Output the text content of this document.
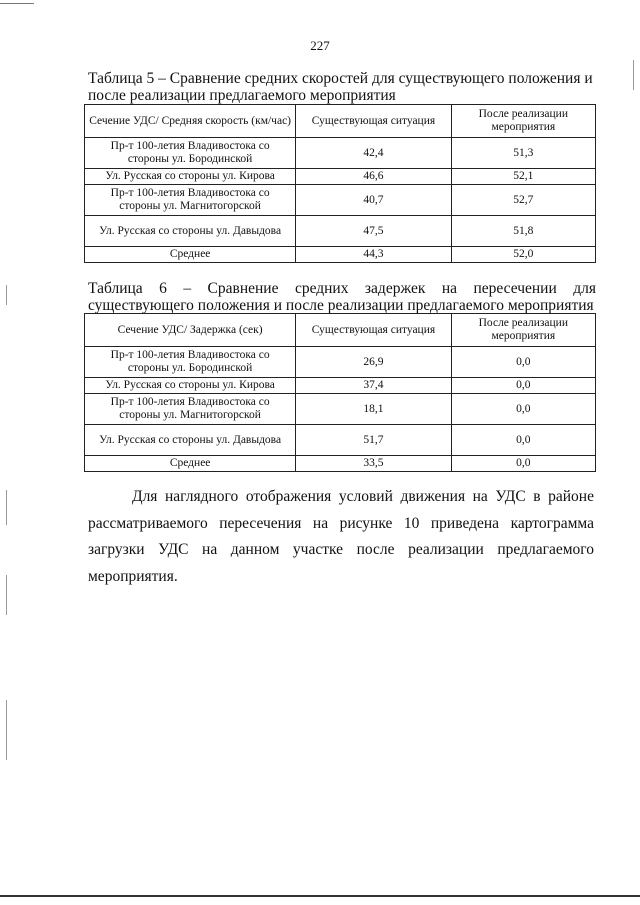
227
Таблица 5 – Сравнение средних скоростей для существующего положения и
после реализации предлагаемого мероприятия
Сечение УДС/ Средняя скорость (км/час)	Существующая ситуация	После реализации мероприятия
Пр-т 100-летия Владивостока со стороны ул. Бородинской	42,4	51,3
Ул. Русская со стороны ул. Кирова	46,6	52,1
Пр-т 100-летия Владивостока со стороны ул. Магнитогорской	40,7	52,7
Ул. Русская со стороны ул. Давыдова	47,5	51,8
Среднее	44,3	52,0
Таблица 6 – Сравнение средних задержек на пересечении для
существующего положения и после реализации предлагаемого мероприятия
Сечение УДС/ Задержка (сек)	Существующая ситуация	После реализации мероприятия
Пр-т 100-летия Владивостока со стороны ул. Бородинской	26,9	0,0
Ул. Русская со стороны ул. Кирова	37,4	0,0
Пр-т 100-летия Владивостока со стороны ул. Магнитогорской	18,1	0,0
Ул. Русская со стороны ул. Давыдова	51,7	0,0
Среднее	33,5	0,0
Для наглядного отображения условий движения на УДС в районе рассматриваемого пересечения на рисунке 10 приведена картограмма загрузки УДС на данном участке после реализации предлагаемого мероприятия.
